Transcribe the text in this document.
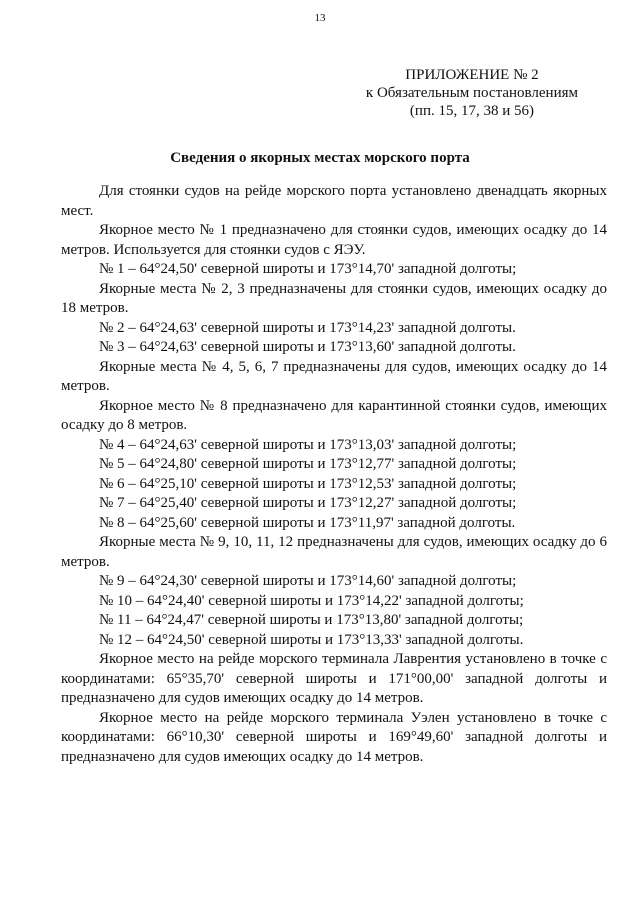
13
ПРИЛОЖЕНИЕ № 2
к Обязательным постановлениям
(пп. 15, 17, 38 и 56)
Сведения о якорных местах морского порта

Для стоянки судов на рейде морского порта установлено двенадцать якорных мест.

Якорное место № 1 предназначено для стоянки судов, имеющих осадку до 14 метров. Используется для стоянки судов с ЯЭУ.

№ 1 – 64°24,50' северной широты и 173°14,70' западной долготы;

Якорные места № 2, 3 предназначены для стоянки судов, имеющих осадку до 18 метров.

№ 2 – 64°24,63' северной широты и 173°14,23' западной долготы.

№ 3 – 64°24,63' северной широты и 173°13,60' западной долготы.

Якорные места № 4, 5, 6, 7 предназначены для судов, имеющих осадку до 14 метров.

Якорное место № 8 предназначено для карантинной стоянки судов, имеющих осадку до 8 метров.

№ 4 – 64°24,63' северной широты и 173°13,03' западной долготы;

№ 5 – 64°24,80' северной широты и 173°12,77' западной долготы;

№ 6 – 64°25,10' северной широты и 173°12,53' западной долготы;

№ 7 – 64°25,40' северной широты и 173°12,27' западной долготы;

№ 8 – 64°25,60' северной широты и 173°11,97' западной долготы.

Якорные места № 9, 10, 11, 12 предназначены для судов, имеющих осадку до 6 метров.

№ 9 – 64°24,30' северной широты и 173°14,60' западной долготы;

№ 10 – 64°24,40' северной широты и 173°14,22' западной долготы;

№ 11 – 64°24,47' северной широты и 173°13,80' западной долготы;

№ 12 – 64°24,50' северной широты и 173°13,33' западной долготы.

Якорное место на рейде морского терминала Лаврентия установлено в точке с координатами: 65°35,70' северной широты и 171°00,00' западной долготы и предназначено для судов имеющих осадку до 14 метров.

Якорное место на рейде морского терминала Уэлен установлено в точке с координатами: 66°10,30' северной широты и 169°49,60' западной долготы и предназначено для судов имеющих осадку до 14 метров.
